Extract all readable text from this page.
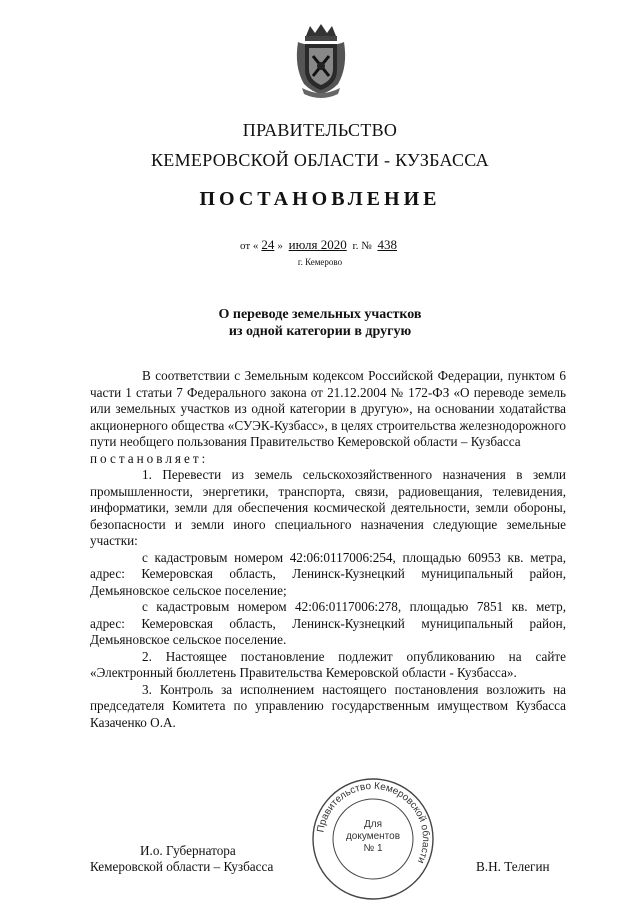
ПРАВИТЕЛЬСТВО
КЕМЕРОВСКОЙ ОБЛАСТИ - КУЗБАССА
ПОСТАНОВЛЕНИЕ
от « 24 » июля 2020 г. № 438
г. Кемерово
О переводе земельных участков
из одной категории в другую

В соответствии с Земельным кодексом Российской Федерации, пунктом 6 части 1 статьи 7 Федерального закона от 21.12.2004 № 172-ФЗ «О переводе земель или земельных участков из одной категории в другую», на основании ходатайства акционерного общества «СУЭК-Кузбасс», в целях строительства железнодорожного пути необщего пользования Правительство Кемеровской области – Кузбасса

постановляет:

1. Перевести из земель сельскохозяйственного назначения в земли промышленности, энергетики, транспорта, связи, радиовещания, телевидения, информатики, земли для обеспечения космической деятельности, земли обороны, безопасности и земли иного специального назначения следующие земельные участки:

с кадастровым номером 42:06:0117006:254, площадью 60953 кв. метра, адрес: Кемеровская область, Ленинск-Кузнецкий муниципальный район, Демьяновское сельское поселение;

с кадастровым номером 42:06:0117006:278, площадью 7851 кв. метр, адрес: Кемеровская область, Ленинск-Кузнецкий муниципальный район, Демьяновское сельское поселение.

2. Настоящее постановление подлежит опубликованию на сайте «Электронный бюллетень Правительства Кемеровской области - Кузбасса».

3. Контроль за исполнением настоящего постановления возложить на председателя Комитета по управлению государственным имуществом Кузбасса Казаченко О.А.

Правительство Кемеровской области
Для
документов
№ 1
И.о. Губернатора
Кемеровской области – Кузбасса	В.Н. Телегин
